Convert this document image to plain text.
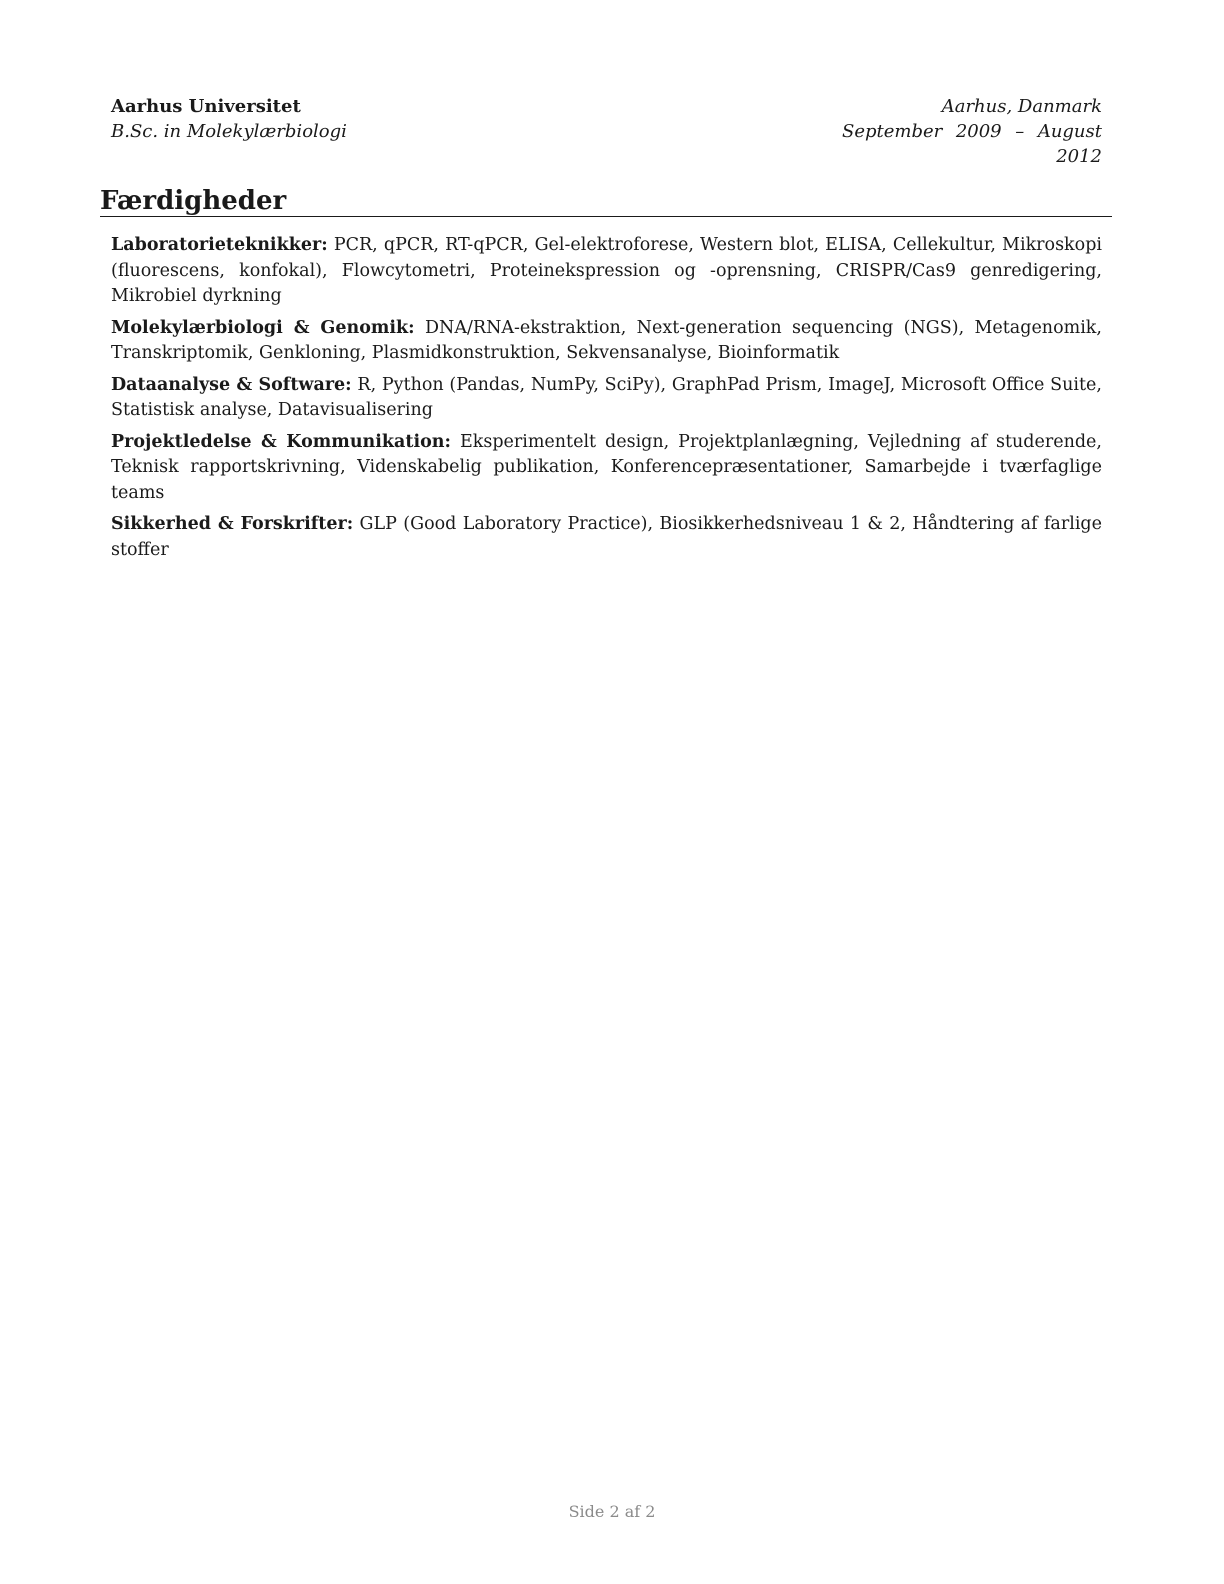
Aarhus Universitet
B.Sc. in Molekylærbiologi
Aarhus, Danmark
September 2009 – August 2012
Færdigheder

Laboratorieteknikker: PCR, qPCR, RT-qPCR, Gel-elektroforese, Western blot, ELISA, Cellekultur, Mikroskopi (fluorescens, konfokal), Flowcytometri, Proteinekspression og -oprensning, CRISPR/Cas9 genredigering, Mikrobiel dyrkning

Molekylærbiologi & Genomik: DNA/RNA-ekstraktion, Next-generation sequencing (NGS), Metagenomik, Transkriptomik, Genkloning, Plasmidkonstruktion, Sekvensanalyse, Bioinformatik

Dataanalyse & Software: R, Python (Pandas, NumPy, SciPy), GraphPad Prism, ImageJ, Microsoft Office Suite, Statistisk analyse, Datavisualisering

Projektledelse & Kommunikation: Eksperimentelt design, Projektplanlægning, Vejledning af studerende, Teknisk rapportskrivning, Videnskabelig publikation, Konferencepræsentationer, Samarbejde i tværfaglige teams

Sikkerhed & Forskrifter: GLP (Good Laboratory Practice), Biosikkerhedsniveau 1 & 2, Håndtering af farlige stoffer

Side 2 af 2
